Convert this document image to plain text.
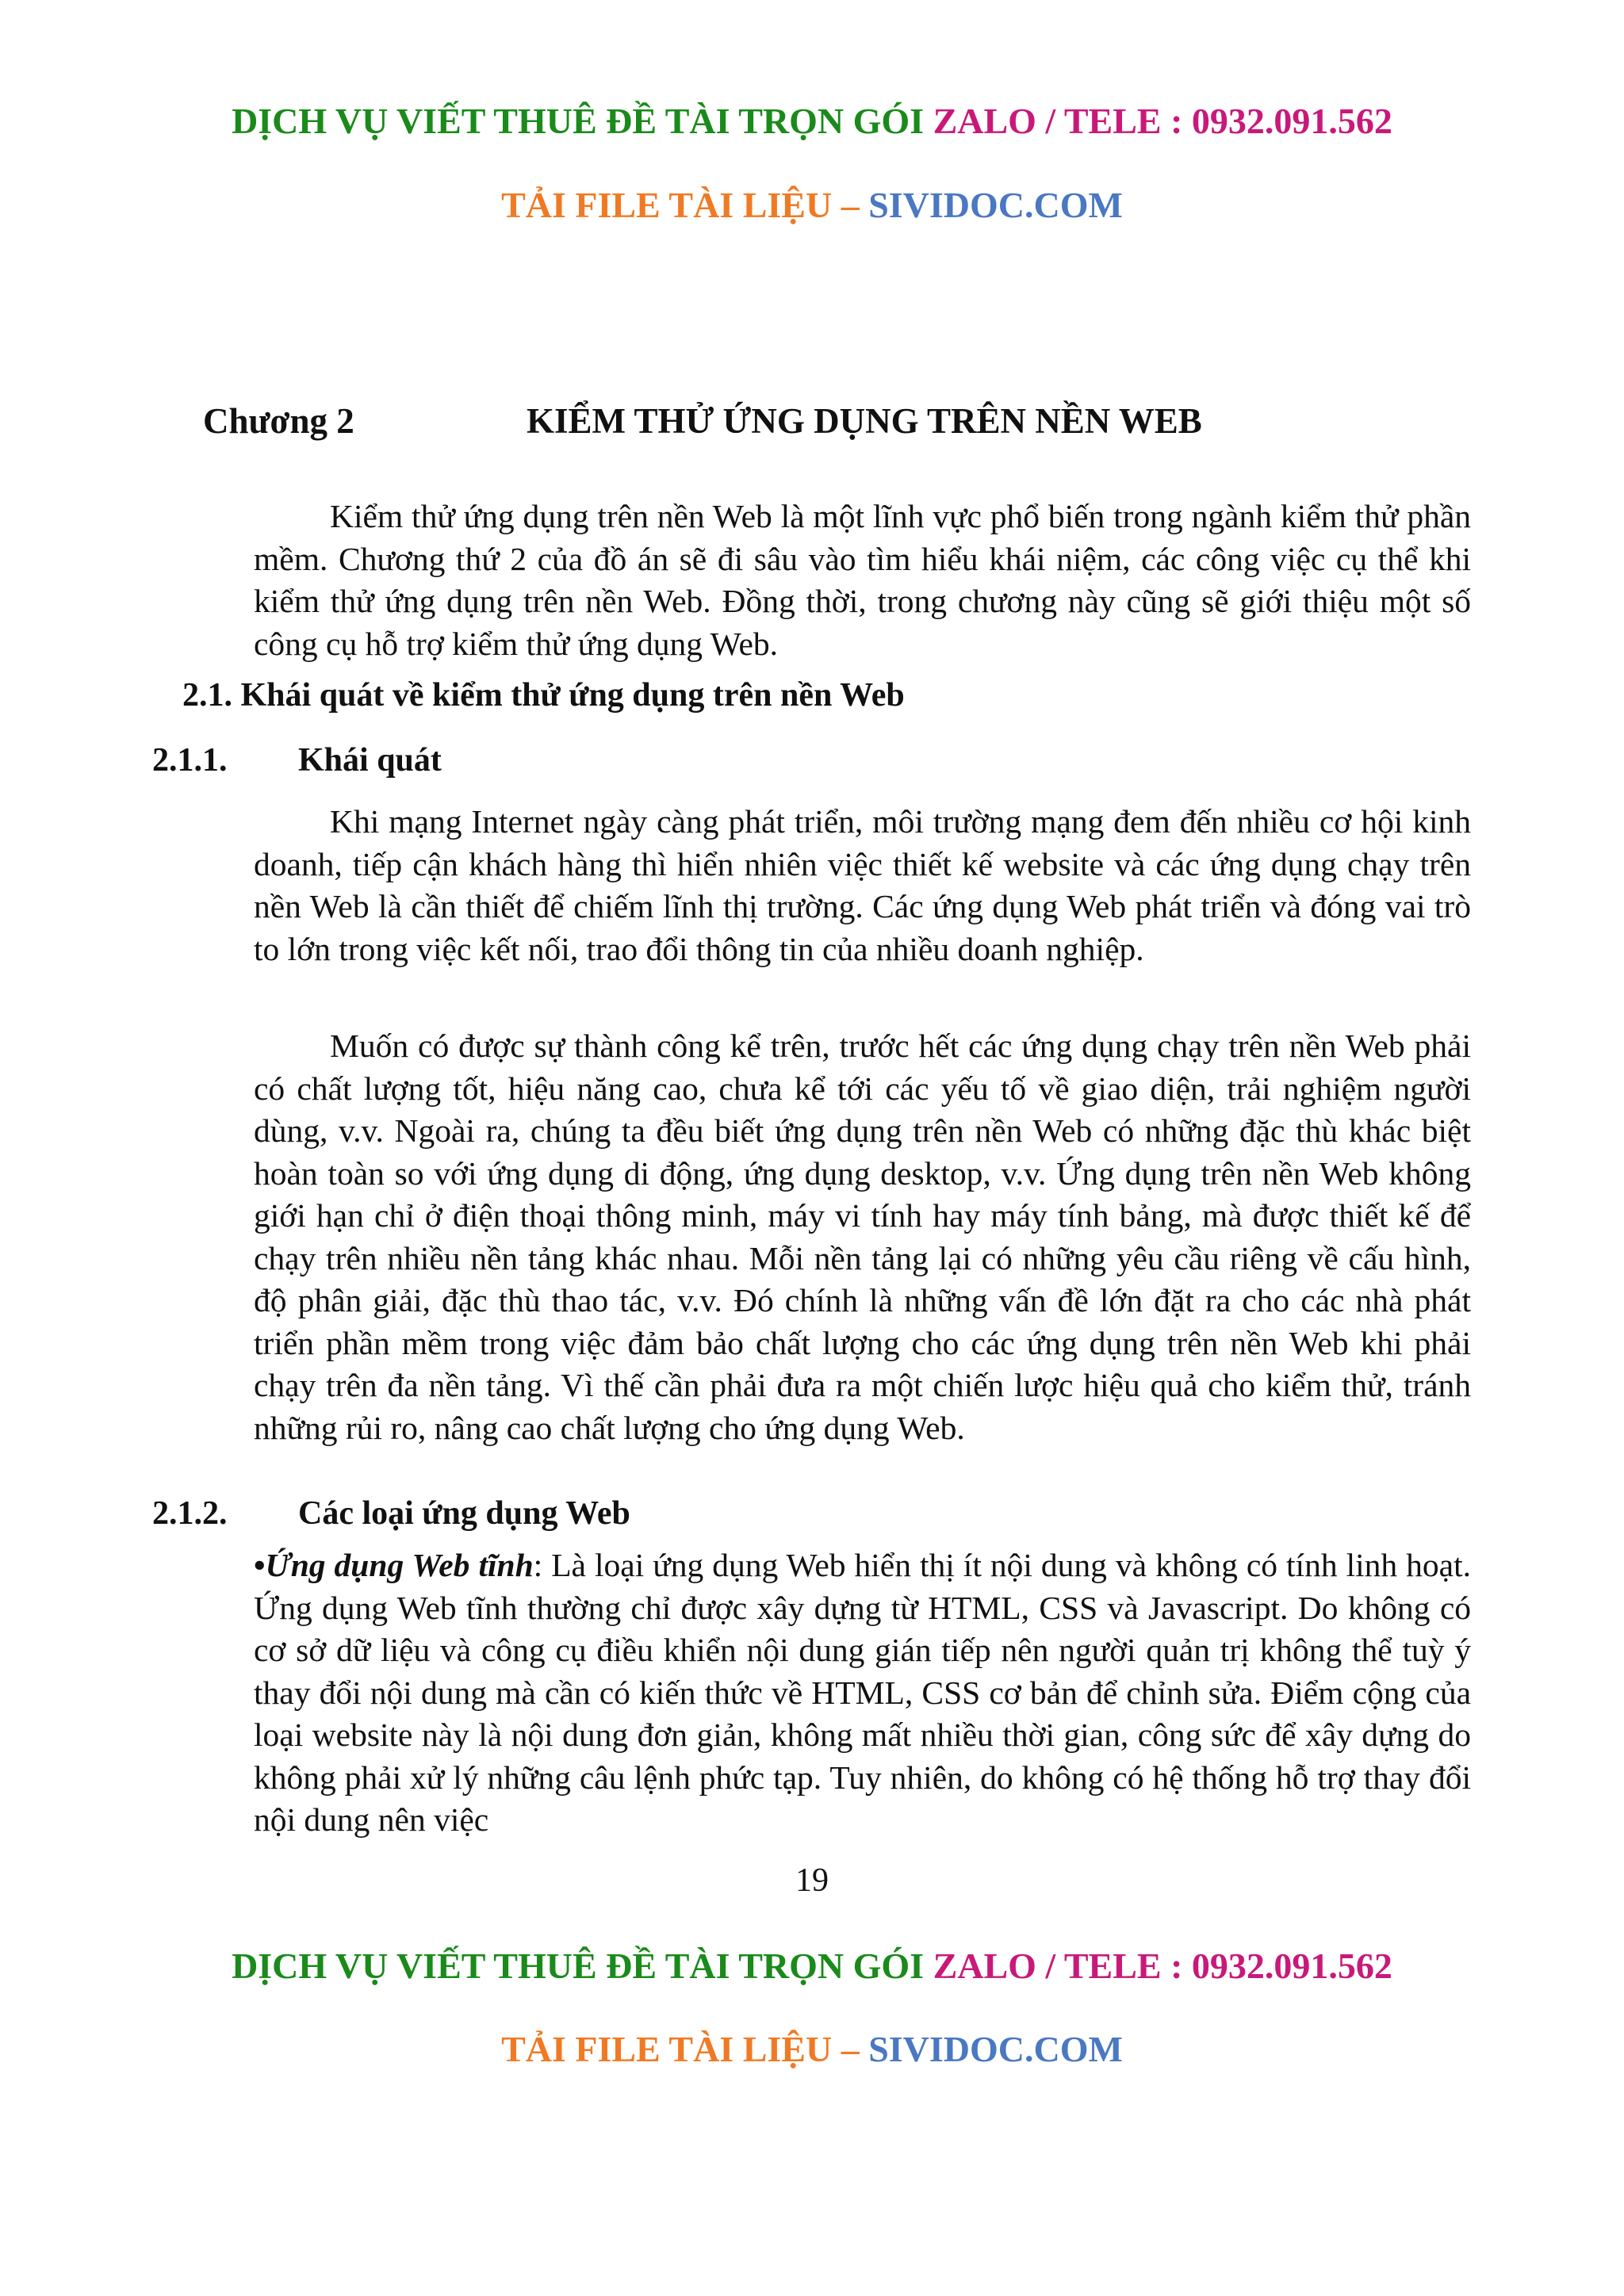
DỊCH VỤ VIẾT THUÊ ĐỀ TÀI TRỌN GÓI ZALO / TELE : 0932.091.562
TẢI FILE TÀI LIỆU – SIVIDOC.COM
Chương 2	KIỂM THỬ ỨNG DỤNG TRÊN NỀN WEB

Kiểm thử ứng dụng trên nền Web là một lĩnh vực phổ biến trong ngành kiểm thử phần mềm. Chương thứ 2 của đồ án sẽ đi sâu vào tìm hiểu khái niệm, các công việc cụ thể khi kiểm thử ứng dụng trên nền Web. Đồng thời, trong chương này cũng sẽ giới thiệu một số công cụ hỗ trợ kiểm thử ứng dụng Web.

2.1. Khái quát về kiểm thử ứng dụng trên nền Web
2.1.1. Khái quát

Khi mạng Internet ngày càng phát triển, môi trường mạng đem đến nhiều cơ hội kinh doanh, tiếp cận khách hàng thì hiển nhiên việc thiết kế website và các ứng dụng chạy trên nền Web là cần thiết để chiếm lĩnh thị trường. Các ứng dụng Web phát triển và đóng vai trò to lớn trong việc kết nối, trao đổi thông tin của nhiều doanh nghiệp.

Muốn có được sự thành công kể trên, trước hết các ứng dụng chạy trên nền Web phải có chất lượng tốt, hiệu năng cao, chưa kể tới các yếu tố về giao diện, trải nghiệm người dùng, v.v. Ngoài ra, chúng ta đều biết ứng dụng trên nền Web có những đặc thù khác biệt hoàn toàn so với ứng dụng di động, ứng dụng desktop, v.v. Ứng dụng trên nền Web không giới hạn chỉ ở điện thoại thông minh, máy vi tính hay máy tính bảng, mà được thiết kế để chạy trên nhiều nền tảng khác nhau. Mỗi nền tảng lại có những yêu cầu riêng về cấu hình, độ phân giải, đặc thù thao tác, v.v. Đó chính là những vấn đề lớn đặt ra cho các nhà phát triển phần mềm trong việc đảm bảo chất lượng cho các ứng dụng trên nền Web khi phải chạy trên đa nền tảng. Vì thế cần phải đưa ra một chiến lược hiệu quả cho kiểm thử, tránh những rủi ro, nâng cao chất lượng cho ứng dụng Web.

2.1.2. Các loại ứng dụng Web

•Ứng dụng Web tĩnh: Là loại ứng dụng Web hiển thị ít nội dung và không có tính linh hoạt. Ứng dụng Web tĩnh thường chỉ được xây dựng từ HTML, CSS và Javascript. Do không có cơ sở dữ liệu và công cụ điều khiển nội dung gián tiếp nên người quản trị không thể tuỳ ý thay đổi nội dung mà cần có kiến thức về HTML, CSS cơ bản để chỉnh sửa. Điểm cộng của loại website này là nội dung đơn giản, không mất nhiều thời gian, công sức để xây dựng do không phải xử lý những câu lệnh phức tạp. Tuy nhiên, do không có hệ thống hỗ trợ thay đổi nội dung nên việc

19
DỊCH VỤ VIẾT THUÊ ĐỀ TÀI TRỌN GÓI ZALO / TELE : 0932.091.562
TẢI FILE TÀI LIỆU – SIVIDOC.COM
